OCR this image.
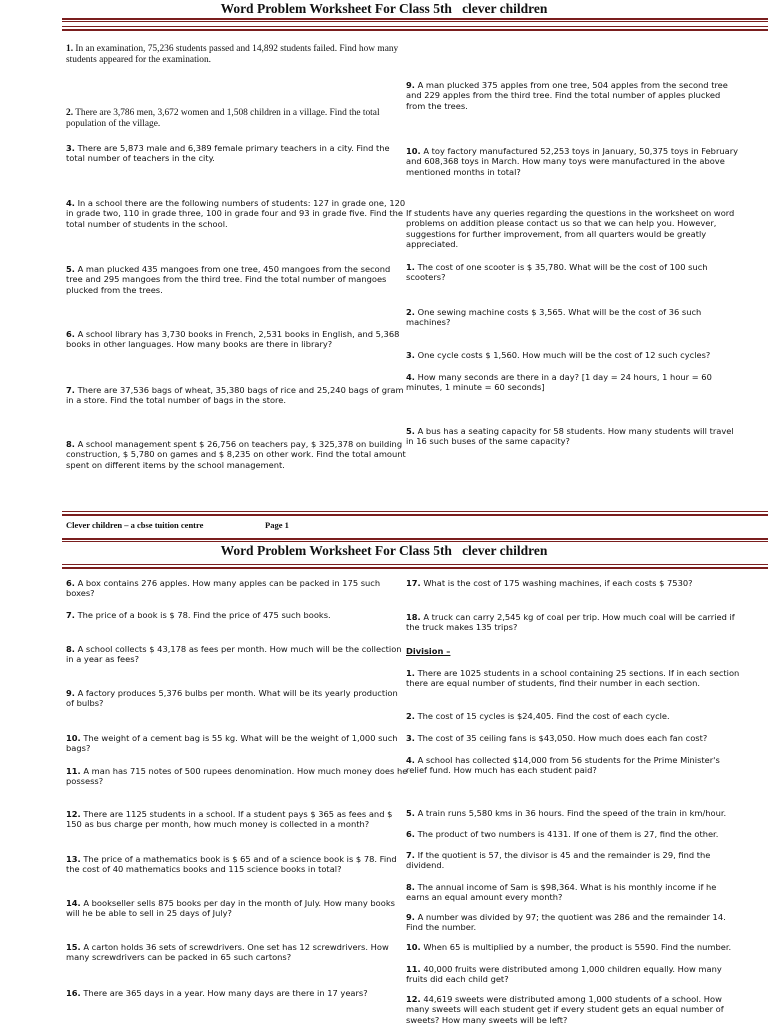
Word Problem Worksheet For Class 5th   clever children

1. In an examination, 75,236 students passed and 14,892 students failed. Find how many students appeared for the examination.

2. There are 3,786 men, 3,672 women and 1,508 children in a village. Find the total population of the village.

3. There are 5,873 male and 6,389 female primary teachers in a city. Find the total number of teachers in the city.

4. In a school there are the following numbers of students: 127 in grade one, 120 in grade two, 110 in grade three, 100 in grade four and 93 in grade five. Find the total number of students in the school.

5. A man plucked 435 mangoes from one tree, 450 mangoes from the second tree and 295 mangoes from the third tree. Find the total number of mangoes plucked from the trees.

6. A school library has 3,730 books in French, 2,531 books in English, and 5,368 books in other languages. How many books are there in library?

7. There are 37,536 bags of wheat, 35,380 bags of rice and 25,240 bags of gram in a store. Find the total number of bags in the store.

8. A school management spent $ 26,756 on teachers pay, $ 325,378 on building construction, $ 5,780 on games and $ 8,235 on other work. Find the total amount spent on different items by the school management.

9. A man plucked 375 apples from one tree, 504 apples from the second tree and 229 apples from the third tree. Find the total number of apples plucked from the trees.

10. A toy factory manufactured 52,253 toys in January, 50,375 toys in February and 608,368 toys in March. How many toys were manufactured in the above mentioned months in total?

If students have any queries regarding the questions in the worksheet on word problems on addition please contact us so that we can help you. However, suggestions for further improvement, from all quarters would be greatly appreciated.

1. The cost of one scooter is $ 35,780. What will be the cost of 100 such scooters?

2. One sewing machine costs $ 3,565. What will be the cost of 36 such machines?

3. One cycle costs $ 1,560. How much will be the cost of 12 such cycles?

4. How many seconds are there in a day? [1 day = 24 hours, 1 hour = 60 minutes, 1 minute = 60 seconds]

5. A bus has a seating capacity for 58 students. How many students will travel in 16 such buses of the same capacity?

Clever children – a cbse tuition centre	Page 1
Word Problem Worksheet For Class 5th   clever children

6. A box contains 276 apples. How many apples can be packed in 175 such boxes?

7. The price of a book is $ 78. Find the price of 475 such books.

8. A school collects $ 43,178 as fees per month. How much will be the collection in a year as fees?

9. A factory produces 5,376 bulbs per month. What will be its yearly production of bulbs?

10. The weight of a cement bag is 55 kg. What will be the weight of 1,000 such bags?

11. A man has 715 notes of 500 rupees denomination. How much money does he possess?

12. There are 1125 students in a school. If a student pays $ 365 as fees and $ 150 as bus charge per month, how much money is collected in a month?

13. The price of a mathematics book is $ 65 and of a science book is $ 78. Find the cost of 40 mathematics books and 115 science books in total?

14. A bookseller sells 875 books per day in the month of July. How many books will he be able to sell in 25 days of July?

15. A carton holds 36 sets of screwdrivers. One set has 12 screwdrivers. How many screwdrivers can be packed in 65 such cartons?

16. There are 365 days in a year. How many days are there in 17 years?

17. What is the cost of 175 washing machines, if each costs $ 7530?

18. A truck can carry 2,545 kg of coal per trip. How much coal will be carried if the truck makes 135 trips?

Division –

1. There are 1025 students in a school containing 25 sections. If in each section there are equal number of students, find their number in each section.

2. The cost of 15 cycles is $24,405. Find the cost of each cycle.

3. The cost of 35 ceiling fans is $43,050. How much does each fan cost?

4. A school has collected $14,000 from 56 students for the Prime Minister's relief fund. How much has each student paid?

5. A train runs 5,580 kms in 36 hours. Find the speed of the train in km/hour.

6. The product of two numbers is 4131. If one of them is 27, find the other.

7. If the quotient is 57, the divisor is 45 and the remainder is 29, find the dividend.

8. The annual income of Sam is $98,364. What is his monthly income if he earns an equal amount every month?

9. A number was divided by 97; the quotient was 286 and the remainder 14. Find the number.

10. When 65 is multiplied by a number, the product is 5590. Find the number.

11. 40,000 fruits were distributed among 1,000 children equally. How many fruits did each child get?

12. 44,619 sweets were distributed among 1,000 students of a school. How many sweets will each student get if every student gets an equal number of sweets? How many sweets will be left?
